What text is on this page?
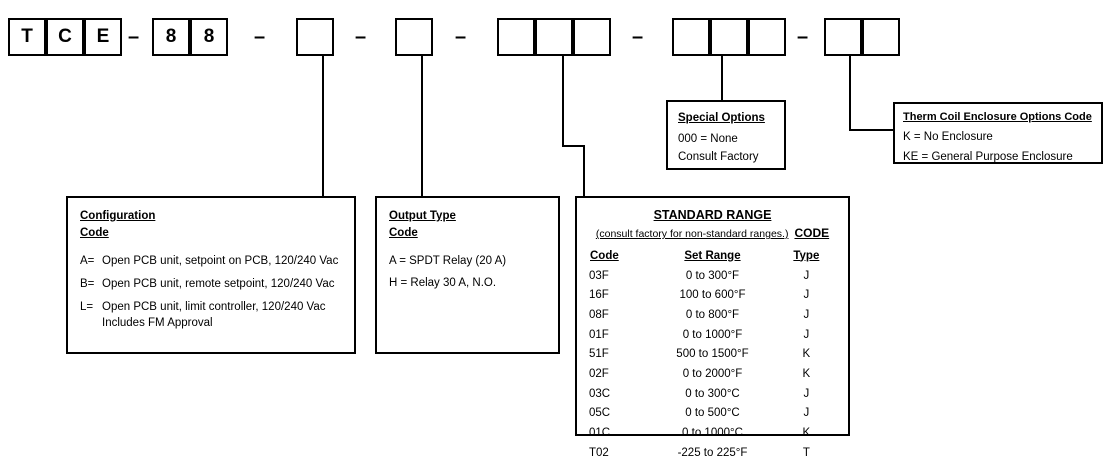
T	C	E –	8	8	–	–	–	–	–
Special Options
000 = None
Consult Factory
Therm Coil Enclosure Options Code
K = No Enclosure
KE = General Purpose Enclosure
Configuration
Code
A= Open PCB unit, setpoint on PCB, 120/240 Vac
B= Open PCB unit, remote setpoint, 120/240 Vac
L= Open PCB unit, limit controller, 120/240 Vac Includes FM Approval
Output Type
Code
A = SPDT Relay (20 A)
H = Relay 30 A, N.O.
STANDARD RANGE
(consult factory for non-standard ranges.) CODE
Code	Set Range	Type
03F	0 to 300°F	J
16F	100 to 600°F	J
08F	0 to 800°F	J
01F	0 to 1000°F	J
51F	500 to 1500°F	K
02F	0 to 2000°F	K
03C	0 to 300°C	J
05C	0 to 500°C	J
01C	0 to 1000°C	K
T02	-225 to 225°F	T
